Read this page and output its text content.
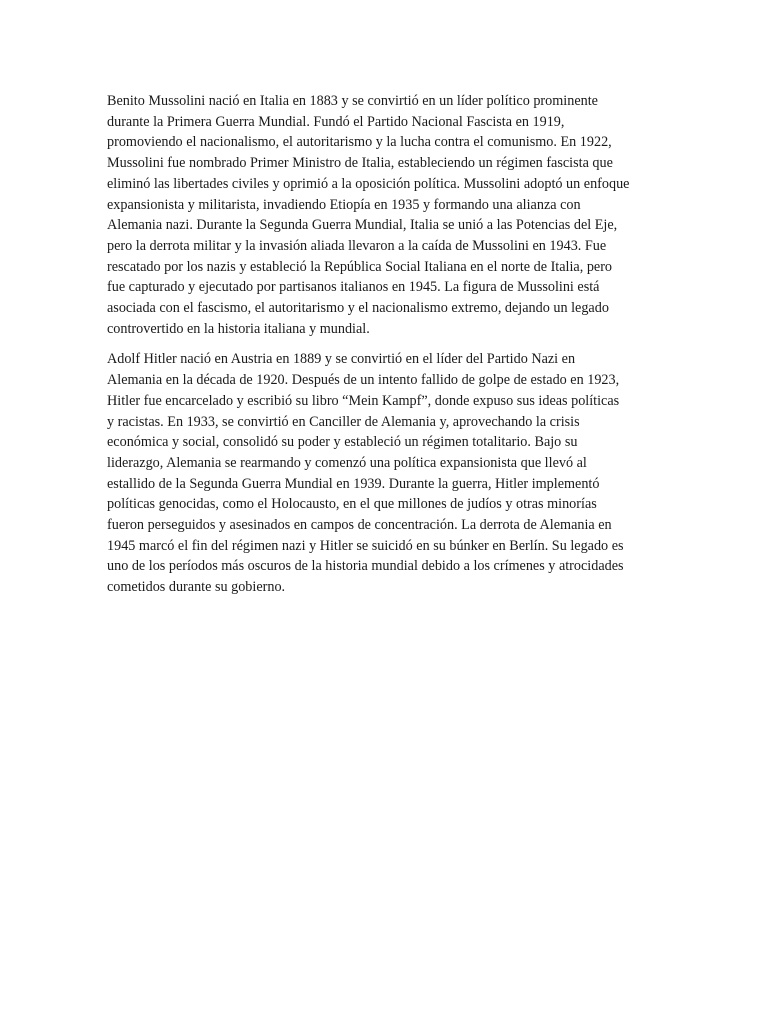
Benito Mussolini nació en Italia en 1883 y se convirtió en un líder político prominente
durante la Primera Guerra Mundial. Fundó el Partido Nacional Fascista en 1919,
promoviendo el nacionalismo, el autoritarismo y la lucha contra el comunismo. En 1922,
Mussolini fue nombrado Primer Ministro de Italia, estableciendo un régimen fascista que
eliminó las libertades civiles y oprimió a la oposición política. Mussolini adoptó un enfoque
expansionista y militarista, invadiendo Etiopía en 1935 y formando una alianza con
Alemania nazi. Durante la Segunda Guerra Mundial, Italia se unió a las Potencias del Eje,
pero la derrota militar y la invasión aliada llevaron a la caída de Mussolini en 1943. Fue
rescatado por los nazis y estableció la República Social Italiana en el norte de Italia, pero
fue capturado y ejecutado por partisanos italianos en 1945. La figura de Mussolini está
asociada con el fascismo, el autoritarismo y el nacionalismo extremo, dejando un legado
controvertido en la historia italiana y mundial.

Adolf Hitler nació en Austria en 1889 y se convirtió en el líder del Partido Nazi en
Alemania en la década de 1920. Después de un intento fallido de golpe de estado en 1923,
Hitler fue encarcelado y escribió su libro “Mein Kampf”, donde expuso sus ideas políticas
y racistas. En 1933, se convirtió en Canciller de Alemania y, aprovechando la crisis
económica y social, consolidó su poder y estableció un régimen totalitario. Bajo su
liderazgo, Alemania se rearmando y comenzó una política expansionista que llevó al
estallido de la Segunda Guerra Mundial en 1939. Durante la guerra, Hitler implementó
políticas genocidas, como el Holocausto, en el que millones de judíos y otras minorías
fueron perseguidos y asesinados en campos de concentración. La derrota de Alemania en
1945 marcó el fin del régimen nazi y Hitler se suicidó en su búnker en Berlín. Su legado es
uno de los períodos más oscuros de la historia mundial debido a los crímenes y atrocidades
cometidos durante su gobierno.
